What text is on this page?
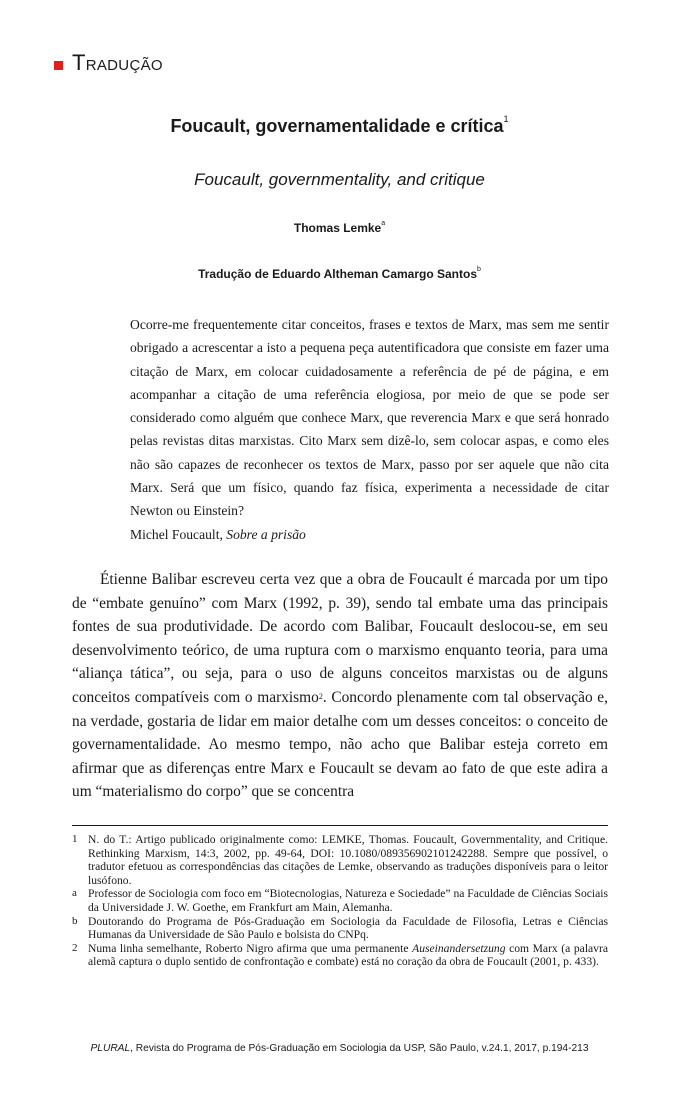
Tradução
Foucault, governamentalidade e crítica$^1$
Foucault, governmentality, and critique
Thomas Lemke$^a$
Tradução de Eduardo Altheman Camargo Santos$^b$

Ocorre-me frequentemente citar conceitos, frases e textos de Marx, mas sem me sentir obrigado a acrescentar a isto a pequena peça autentificadora que consiste em fazer uma citação de Marx, em colocar cuidadosamente a referência de pé de página, e em acompanhar a citação de uma referência elogiosa, por meio de que se pode ser considerado como alguém que conhece Marx, que reverencia Marx e que será honrado pelas revistas ditas marxistas. Cito Marx sem dizê-lo, sem colocar aspas, e como eles não são capazes de reconhecer os textos de Marx, passo por ser aquele que não cita Marx. Será que um físico, quando faz física, experimenta a necessidade de citar Newton ou Einstein?

Michel Foucault, Sobre a prisão

Étienne Balibar escreveu certa vez que a obra de Foucault é marcada por um tipo de “embate genuíno” com Marx (1992, p. 39), sendo tal embate uma das principais fontes de sua produtividade. De acordo com Balibar, Foucault deslocou-se, em seu desenvolvimento teórico, de uma ruptura com o marxismo enquanto teoria, para uma “aliança tática”, ou seja, para o uso de alguns conceitos marxistas ou de alguns conceitos compatíveis com o marxismo$^2$. Concordo plenamente com tal observação e, na verdade, gostaria de lidar em maior detalhe com um desses conceitos: o conceito de governamentalidade. Ao mesmo tempo, não acho que Balibar esteja correto em afirmar que as diferenças entre Marx e Foucault se devam ao fato de que este adira a um “materialismo do corpo” que se concentra

1 N. do T.: Artigo publicado originalmente como: LEMKE, Thomas. Foucault, Governmentality, and Critique. Rethinking Marxism, 14:3, 2002, pp. 49-64, DOI: 10.1080/089356902101242288. Sempre que possível, o tradutor efetuou as correspondências das citações de Lemke, observando as traduções disponíveis para o leitor lusófono.
a Professor de Sociologia com foco em “Biotecnologias, Natureza e Sociedade” na Faculdade de Ciências Sociais da Universidade J. W. Goethe, em Frankfurt am Main, Alemanha.
b Doutorando do Programa de Pós-Graduação em Sociologia da Faculdade de Filosofia, Letras e Ciências Humanas da Universidade de São Paulo e bolsista do CNPq.
2 Numa linha semelhante, Roberto Nigro afirma que uma permanente Auseinandersetzung com Marx (a palavra alemã captura o duplo sentido de confrontação e combate) está no coração da obra de Foucault (2001, p. 433).
PLURAL, Revista do Programa de Pós-Graduação em Sociologia da USP, São Paulo, v.24.1, 2017, p.194-213
